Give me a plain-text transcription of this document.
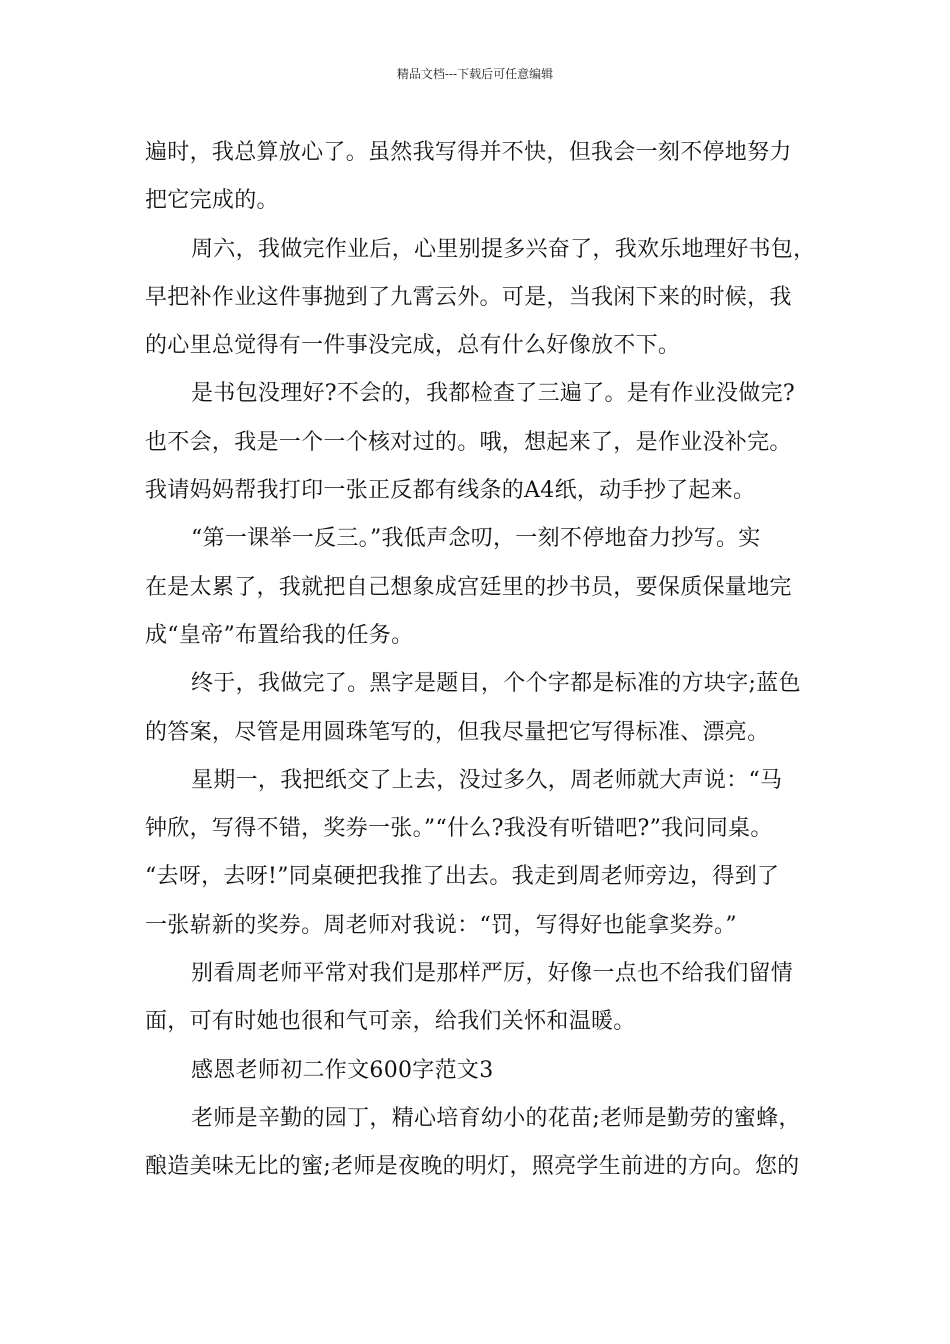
精品文档---下载后可任意编辑
遍时，我总算放心了。虽然我写得并不快，但我会一刻不停地努力
把它完成的。
周六，我做完作业后，心里别提多兴奋了，我欢乐地理好书包，
早把补作业这件事抛到了九霄云外。可是，当我闲下来的时候，我
的心里总觉得有一件事没完成，总有什么好像放不下。
是书包没理好?不会的，我都检查了三遍了。是有作业没做完?
也不会，我是一个一个核对过的。哦，想起来了，是作业没补完。
我请妈妈帮我打印一张正反都有线条的A4纸，动手抄了起来。
“第一课举一反三。”我低声念叨，一刻不停地奋力抄写。实
在是太累了，我就把自己想象成宫廷里的抄书员，要保质保量地完
成“皇帝”布置给我的任务。
终于，我做完了。黑字是题目，个个字都是标准的方块字;蓝色
的答案，尽管是用圆珠笔写的，但我尽量把它写得标准、漂亮。
星期一，我把纸交了上去，没过多久，周老师就大声说：“马
钟欣，写得不错，奖券一张。”“什么?我没有听错吧?”我问同桌。
“去呀，去呀!”同桌硬把我推了出去。我走到周老师旁边，得到了
一张崭新的奖券。周老师对我说：“罚，写得好也能拿奖券。”
别看周老师平常对我们是那样严厉，好像一点也不给我们留情
面，可有时她也很和气可亲，给我们关怀和温暖。
感恩老师初二作文600字范文3
老师是辛勤的园丁，精心培育幼小的花苗;老师是勤劳的蜜蜂，
酿造美味无比的蜜;老师是夜晚的明灯，照亮学生前进的方向。您的
